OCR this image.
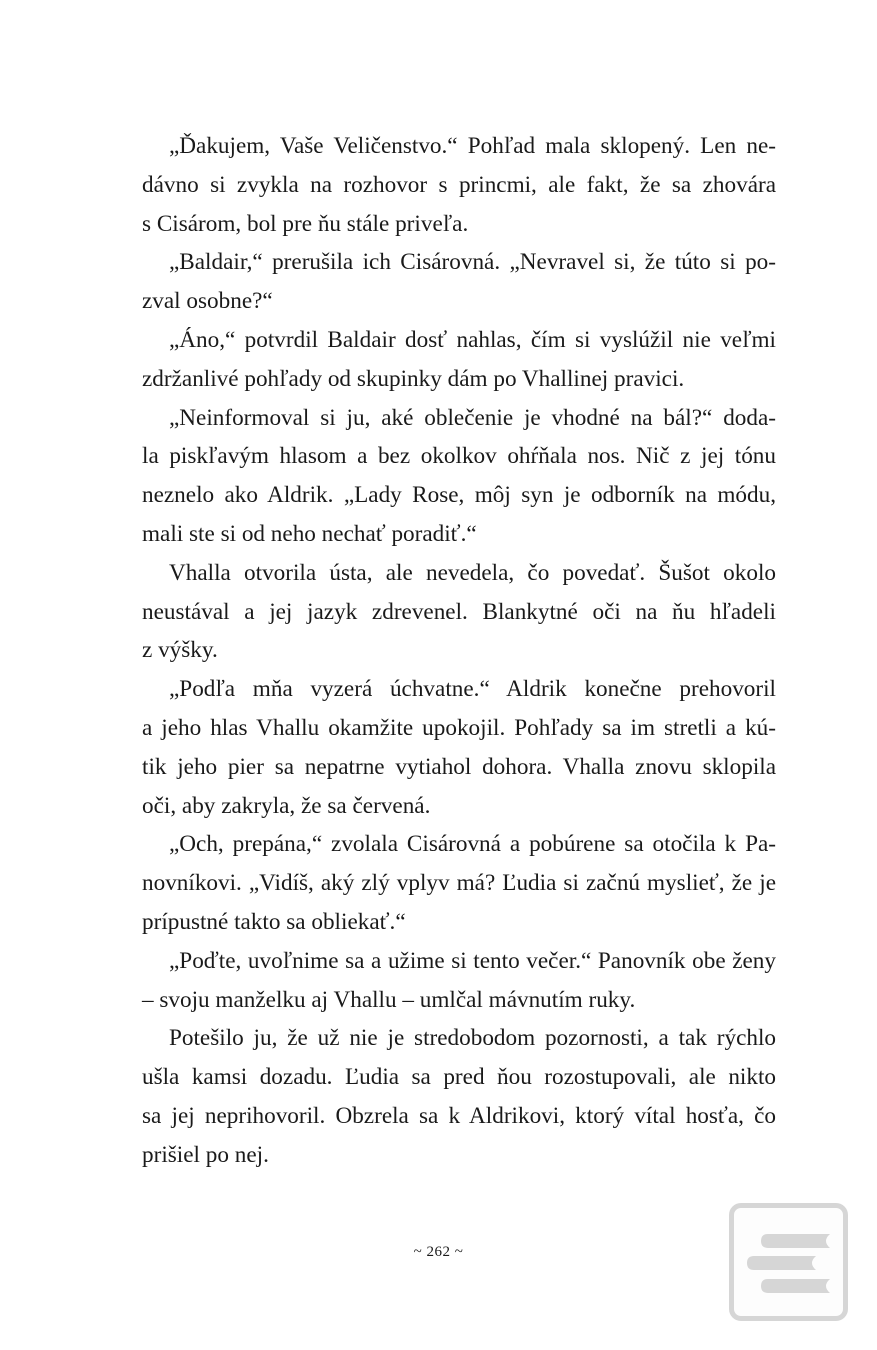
„Ďakujem, Vaše Veličenstvo.“ Pohľad mala sklopený. Len ne-
dávno si zvykla na rozhovor s princmi, ale fakt, že sa zhovára
s Cisárom, bol pre ňu stále priveľa.

„Baldair,“ prerušila ich Cisárovná. „Nevravel si, že túto si po-
zval osobne?“

„Áno,“ potvrdil Baldair dosť nahlas, čím si vyslúžil nie veľmi
zdržanlivé pohľady od skupinky dám po Vhallinej pravici.

„Neinformoval si ju, aké oblečenie je vhodné na bál?“ doda-
la piskľavým hlasom a bez okolkov ohŕňala nos. Nič z jej tónu
neznelo ako Aldrik. „Lady Rose, môj syn je odborník na módu,
mali ste si od neho nechať poradiť.“

Vhalla otvorila ústa, ale nevedela, čo povedať. Šušot okolo
neustával a jej jazyk zdrevenel. Blankytné oči na ňu hľadeli
z výšky.

„Podľa mňa vyzerá úchvatne.“ Aldrik konečne prehovoril
a jeho hlas Vhallu okamžite upokojil. Pohľady sa im stretli a kú-
tik jeho pier sa nepatrne vytiahol dohora. Vhalla znovu sklopila
oči, aby zakryla, že sa červená.

„Och, prepána,“ zvolala Cisárovná a pobúrene sa otočila k Pa-
novníkovi. „Vidíš, aký zlý vplyv má? Ľudia si začnú myslieť, že je
prípustné takto sa obliekať.“

„Poďte, uvoľnime sa a užime si tento večer.“ Panovník obe ženy
– svoju manželku aj Vhallu – umlčal mávnutím ruky.

Potešilo ju, že už nie je stredobodom pozornosti, a tak rýchlo
ušla kamsi dozadu. Ľudia sa pred ňou rozostupovali, ale nikto
sa jej neprihovoril. Obzrela sa k Aldrikovi, ktorý vítal hosťa, čo
prišiel po nej.

~ 262 ~
